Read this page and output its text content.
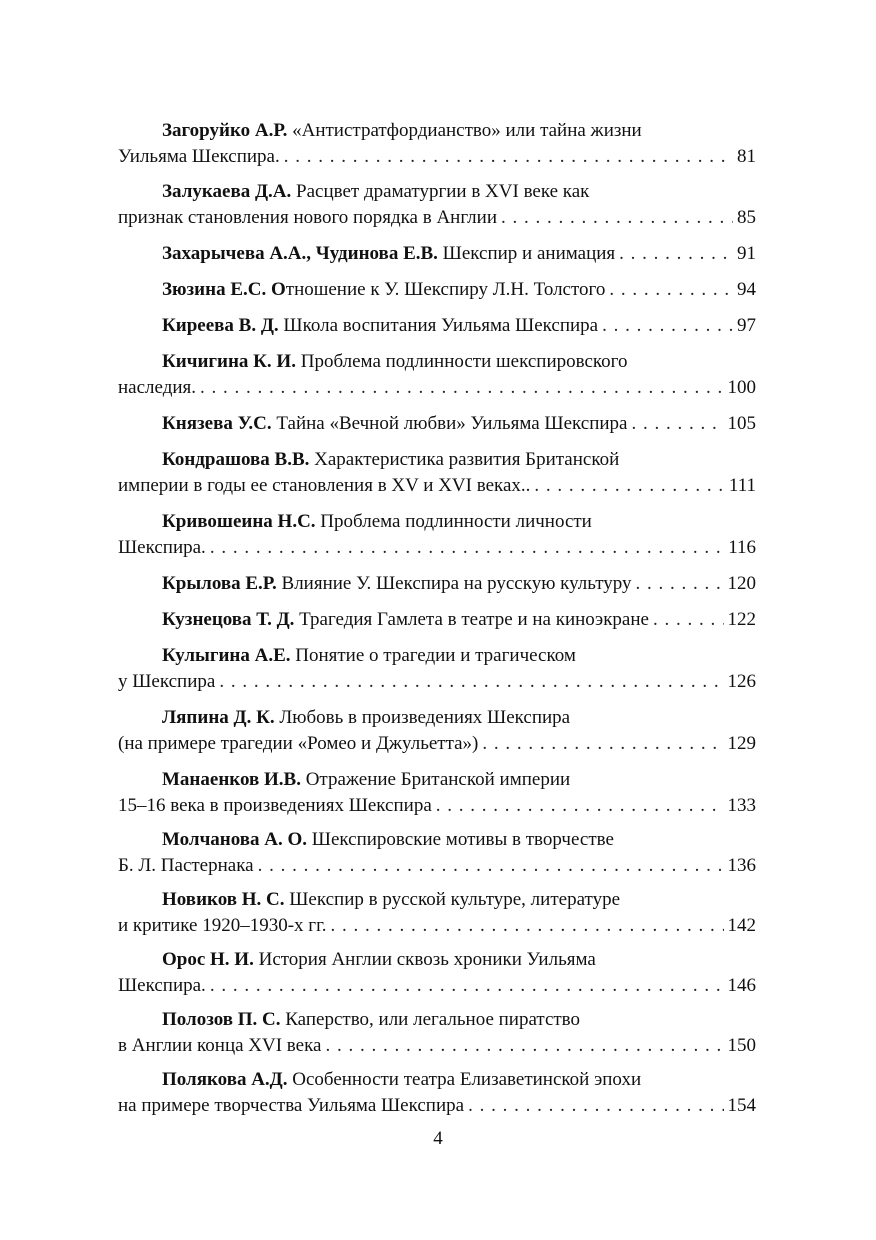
Загоруйко А.Р.
«Антистратфордианство» или тайна жизни
Уильяма Шекспира. . . .	81
Залукаева Д.А.
Расцвет драматургии в XVI веке как
признак становления нового порядка в Англии . . .	85
Захарычева А.А., Чудинова Е.В.
Шекспир и анимация . . .	91
Зюзина Е.С. О тношение к У. Шекспиру Л.Н. Толстого . . .	94
Киреева В. Д.
Школа воспитания Уильяма Шекспира . . .	97
Кичигина К. И.
Проблема подлинности шекспировского
наследия. . . .	100
Князева У.С.
Тайна «Вечной любви» Уильяма Шекспира . . .	105
Кондрашова В.В.
Характеристика развития Британской
империи в годы ее становления в XV и XVI веках.. . . .	111
Кривошеина Н.С.
Проблема подлинности личности
Шекспира. . . .	116
Крылова Е.Р.
Влияние У. Шекспира на русскую культуру . . .	120
Кузнецова Т. Д.
Трагедия Гамлета в театре и на киноэкране . . .	122
Кулыгина А.Е.
Понятие о трагедии и трагическом
у Шекспира . . .	126
Ляпина Д. К.
Любовь в произведениях Шекспира
(на примере трагедии «Ромео и Джульетта») . . .	129
Манаенков И.В.
Отражение Британской империи
15–16 века в произведениях Шекспира . . .	133
Молчанова А. О.
Шекспировские мотивы в творчестве
Б. Л. Пастернака . . .	136
Новиков Н. С.
Шекспир в русской культуре, литературе
и критике 1920–1930-х гг. . . .	142
Орос Н. И.
История Англии сквозь хроники Уильяма
Шекспира. . . .	146
Полозов П. С.
Каперство, или легальное пиратство
в Англии конца XVI века . . .	150
Полякова А.Д.
Особенности театра Елизаветинской эпохи
на примере творчества Уильяма Шекспира . . .	154
4
